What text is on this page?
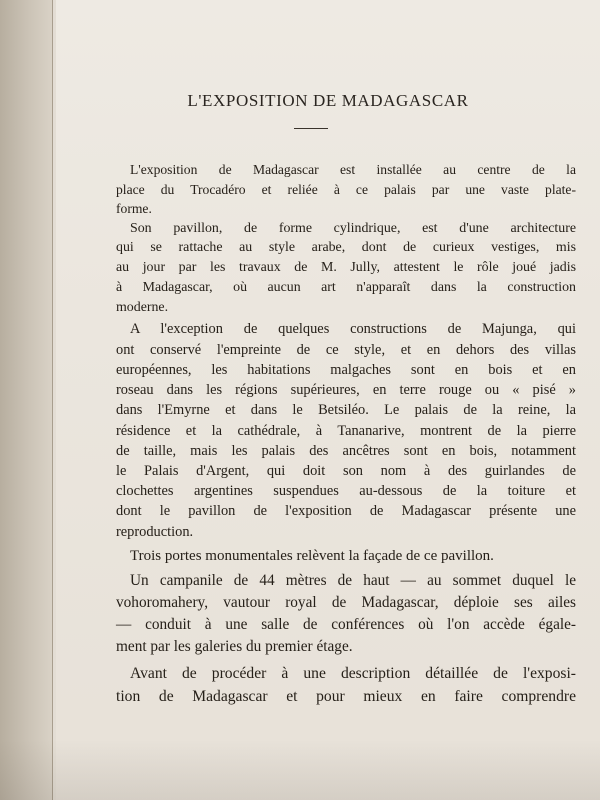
L'EXPOSITION DE MADAGASCAR

L'exposition de Madagascar est installée au centre de la
place du Trocadéro et reliée à ce palais par une vaste plate-
forme.

Son pavillon, de forme cylindrique, est d'une architecture
qui se rattache au style arabe, dont de curieux vestiges, mis
au jour par les travaux de M. Jully, attestent le rôle joué jadis
à Madagascar, où aucun art n'apparaît dans la construction
moderne.

A l'exception de quelques constructions de Majunga, qui
ont conservé l'empreinte de ce style, et en dehors des villas
européennes, les habitations malgaches sont en bois et en
roseau dans les régions supérieures, en terre rouge ou « pisé »
dans l'Emyrne et dans le Betsiléo. Le palais de la reine, la
résidence et la cathédrale, à Tananarive, montrent de la pierre
de taille, mais les palais des ancêtres sont en bois, notamment
le Palais d'Argent, qui doit son nom à des guirlandes de
clochettes argentines suspendues au-dessous de la toiture et
dont le pavillon de l'exposition de Madagascar présente une
reproduction.

Trois portes monumentales relèvent la façade de ce pavillon.

Un campanile de 44 mètres de haut — au sommet duquel le
vohoromahery, vautour royal de Madagascar, déploie ses ailes
— conduit à une salle de conférences où l'on accède égale-
ment par les galeries du premier étage.

Avant de procéder à une description détaillée de l'exposi-
tion de Madagascar et pour mieux en faire comprendre
